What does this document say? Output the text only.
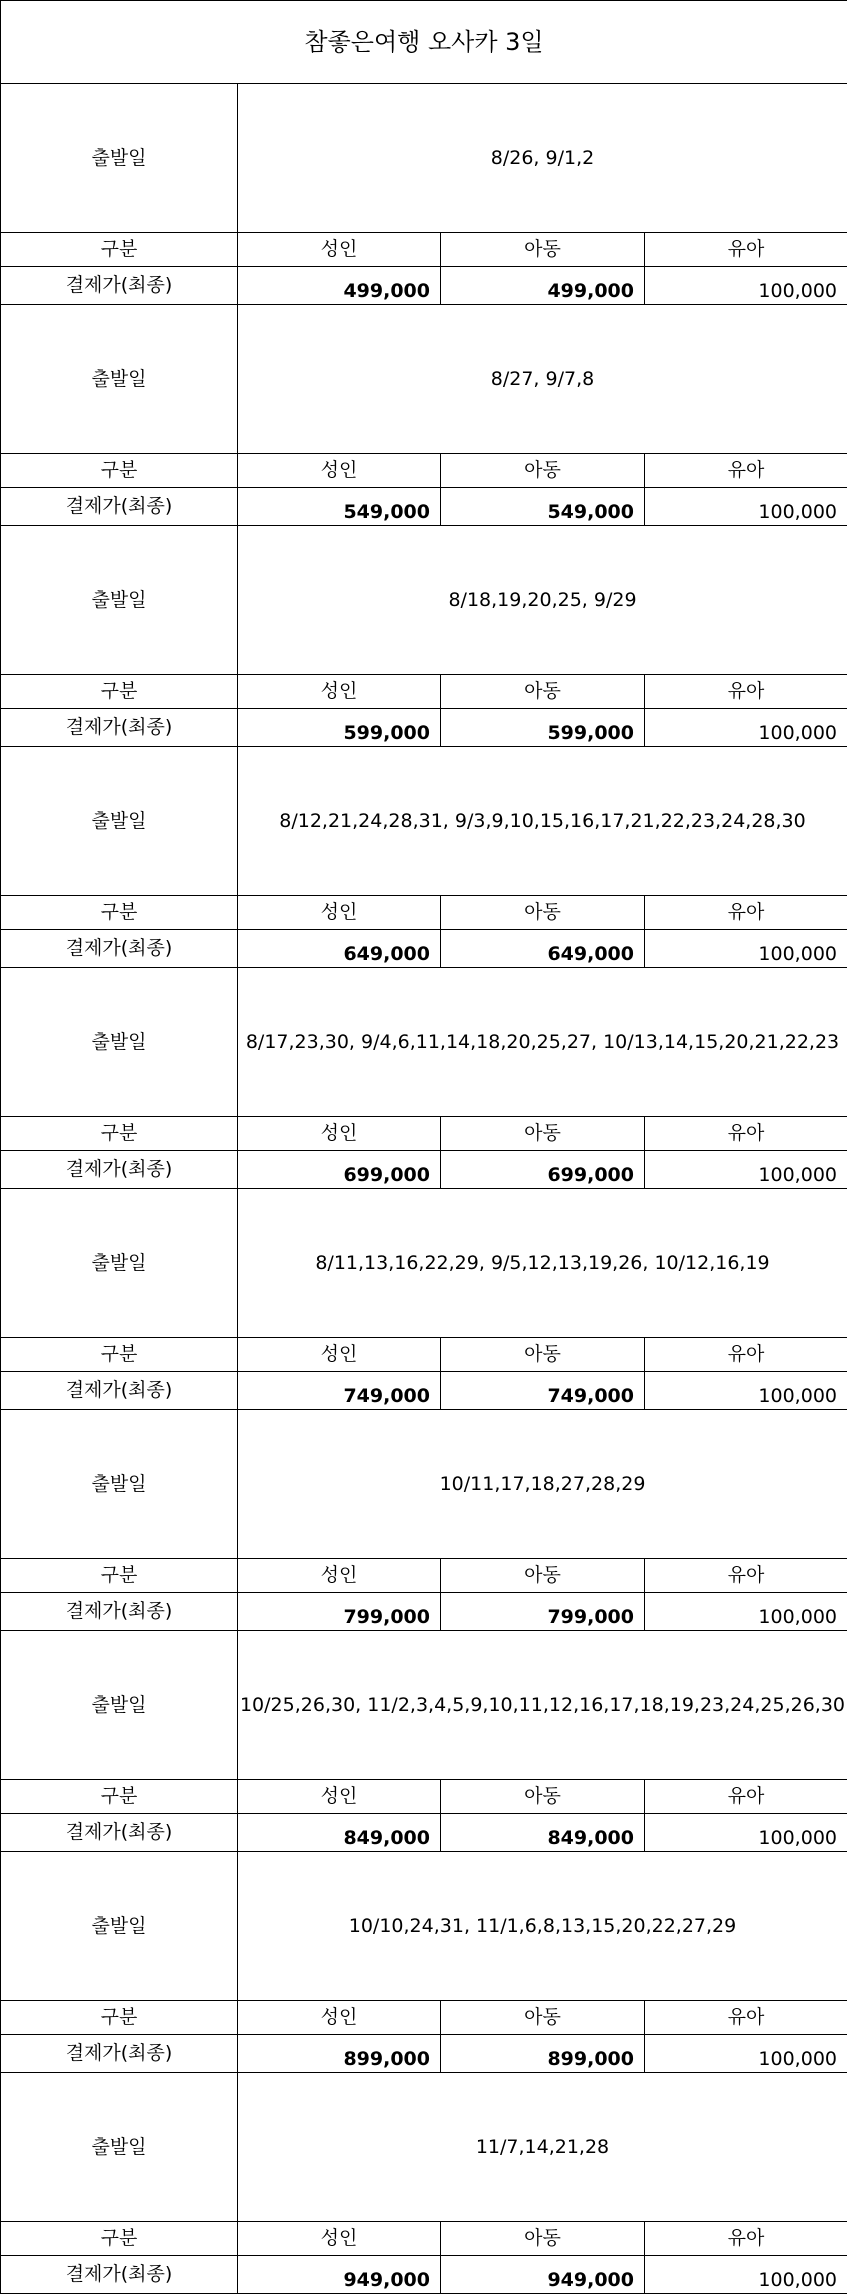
참좋은여행 오사카 3일			
출발일	8/26, 9/1,2		
구분	성인	아동	유아
결제가(최종)	499,000	499,000	100,000
출발일	8/27, 9/7,8		
구분	성인	아동	유아
결제가(최종)	549,000	549,000	100,000
출발일	8/18,19,20,25, 9/29		
구분	성인	아동	유아
결제가(최종)	599,000	599,000	100,000
출발일	8/12,21,24,28,31, 9/3,9,10,15,16,17,21,22,23,24,28,30		
구분	성인	아동	유아
결제가(최종)	649,000	649,000	100,000
출발일	8/17,23,30, 9/4,6,11,14,18,20,25,27, 10/13,14,15,20,21,22,23		
구분	성인	아동	유아
결제가(최종)	699,000	699,000	100,000
출발일	8/11,13,16,22,29, 9/5,12,13,19,26, 10/12,16,19		
구분	성인	아동	유아
결제가(최종)	749,000	749,000	100,000
출발일	10/11,17,18,27,28,29		
구분	성인	아동	유아
결제가(최종)	799,000	799,000	100,000
출발일	10/25,26,30, 11/2,3,4,5,9,10,11,12,16,17,18,19,23,24,25,26,30		
구분	성인	아동	유아
결제가(최종)	849,000	849,000	100,000
출발일	10/10,24,31, 11/1,6,8,13,15,20,22,27,29		
구분	성인	아동	유아
결제가(최종)	899,000	899,000	100,000
출발일	11/7,14,21,28		
구분	성인	아동	유아
결제가(최종)	949,000	949,000	100,000
